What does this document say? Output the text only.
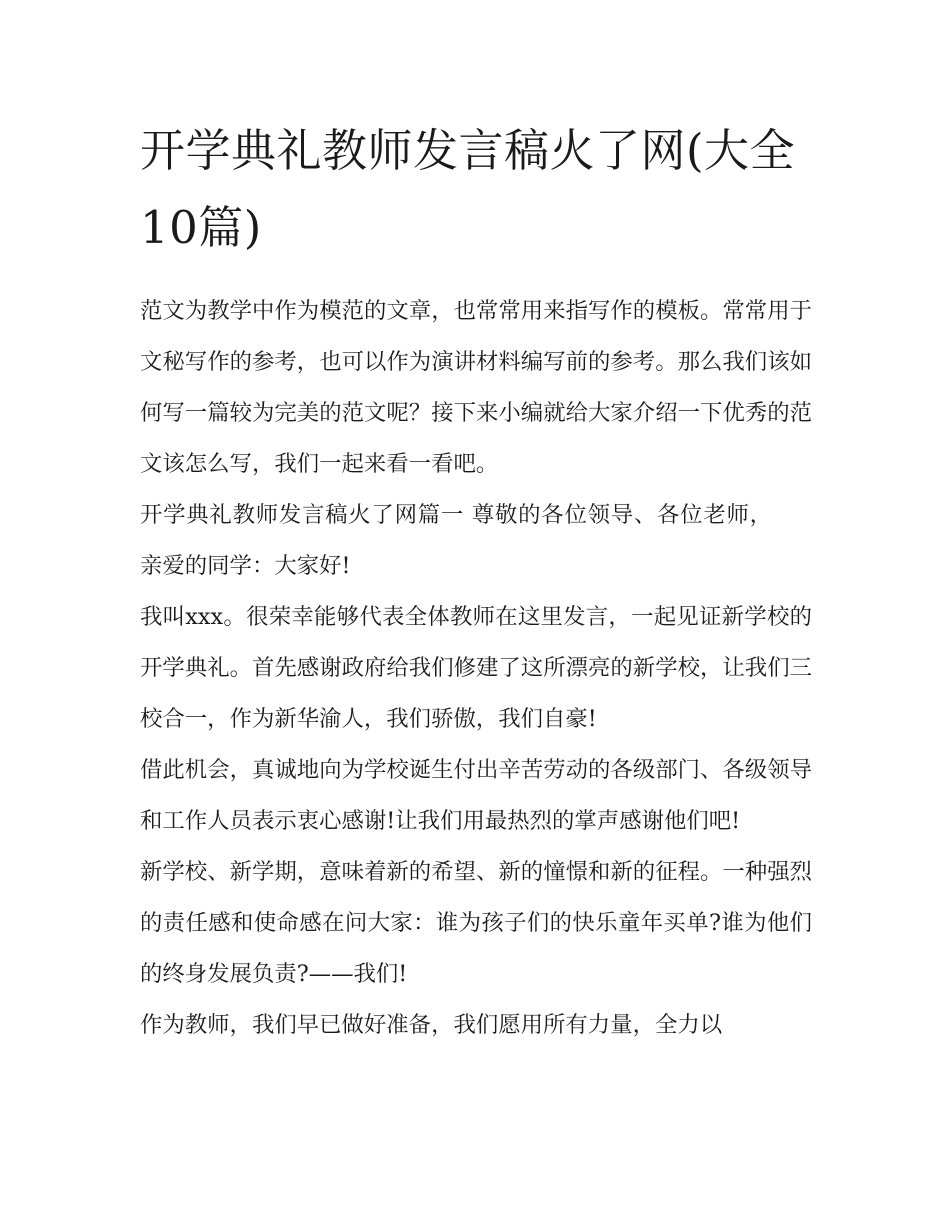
开学典礼教师发言稿火了网(大全10篇)

范文为教学中作为模范的文章，也常常用来指写作的模板。常常用于文秘写作的参考，也可以作为演讲材料编写前的参考。那么我们该如何写一篇较为完美的范文呢？接下来小编就给大家介绍一下优秀的范文该怎么写，我们一起来看一看吧。

开学典礼教师发言稿火了网篇一 尊敬的各位领导、各位老师，亲爱的同学：大家好!

我叫xxx。很荣幸能够代表全体教师在这里发言，一起见证新学校的开学典礼。首先感谢政府给我们修建了这所漂亮的新学校，让我们三校合一，作为新华渝人，我们骄傲，我们自豪!

借此机会，真诚地向为学校诞生付出辛苦劳动的各级部门、各级领导和工作人员表示衷心感谢!让我们用最热烈的掌声感谢他们吧!

新学校、新学期，意味着新的希望、新的憧憬和新的征程。一种强烈的责任感和使命感在问大家：谁为孩子们的快乐童年买单?谁为他们的终身发展负责?——我们!

作为教师，我们早已做好准备，我们愿用所有力量，全力以
